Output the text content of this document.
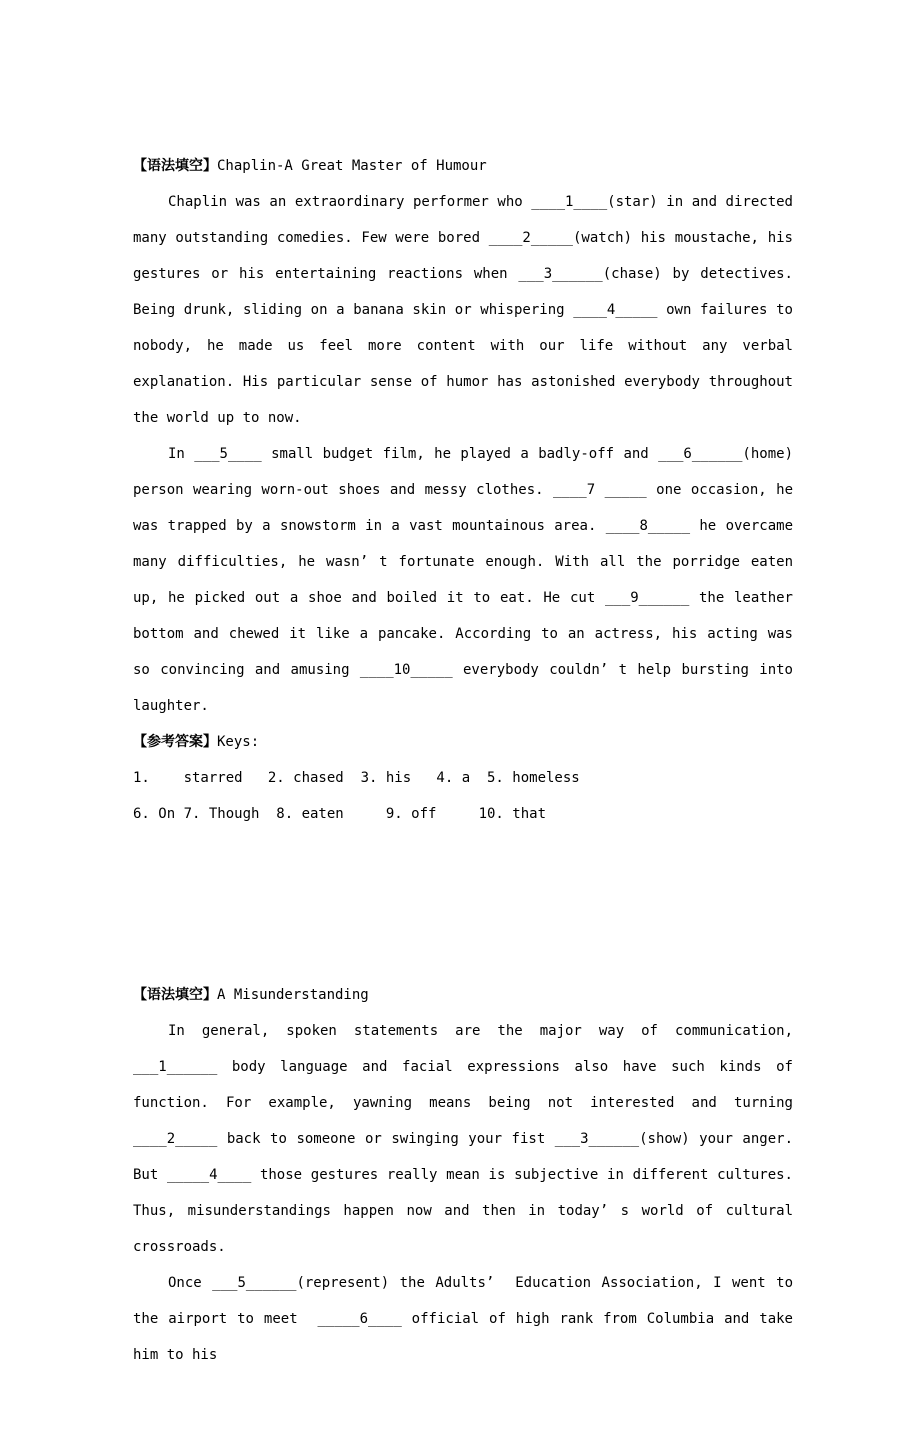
【语法填空】Chaplin-A Great Master of Humour

Chaplin was an extraordinary performer who ____1____(star) in and directed many outstanding comedies. Few were bored ____2_____(watch) his moustache, his gestures or his entertaining reactions when ___3______(chase) by detectives. Being drunk, sliding on a banana skin or whispering ____4_____ own failures to nobody, he made us feel more content with our life without any verbal explanation. His particular sense of humor has astonished everybody throughout the world up to now.

In ___5____ small budget film, he played a badly-off and ___6______(home) person wearing worn-out shoes and messy clothes. ____7 _____ one occasion, he was trapped by a snowstorm in a vast mountainous area. ____8_____ he overcame many difficulties, he wasn’ t fortunate enough. With all the porridge eaten up, he picked out a shoe and boiled it to eat. He cut ___9______ the leather bottom and chewed it like a pancake. According to an actress, his acting was so convincing and amusing ____10_____ everybody couldn’ t help bursting into laughter.

【参考答案】Keys:

1.    starred   2. chased  3. his   4. a  5. homeless

6. On 7. Though  8. eaten     9. off     10. that

【语法填空】A Misunderstanding

In general, spoken statements are the major way of communication, ___1______ body language and facial expressions also have such kinds of function. For example, yawning means being not interested and turning ____2_____ back to someone or swinging your fist ___3______(show) your anger. But _____4____ those gestures really mean is subjective in different cultures. Thus, misunderstandings happen now and then in today’ s world of cultural crossroads.

Once ___5______(represent) the Adults’  Education Association, I went to the airport to meet  _____6____ official of high rank from Columbia and take him to his
